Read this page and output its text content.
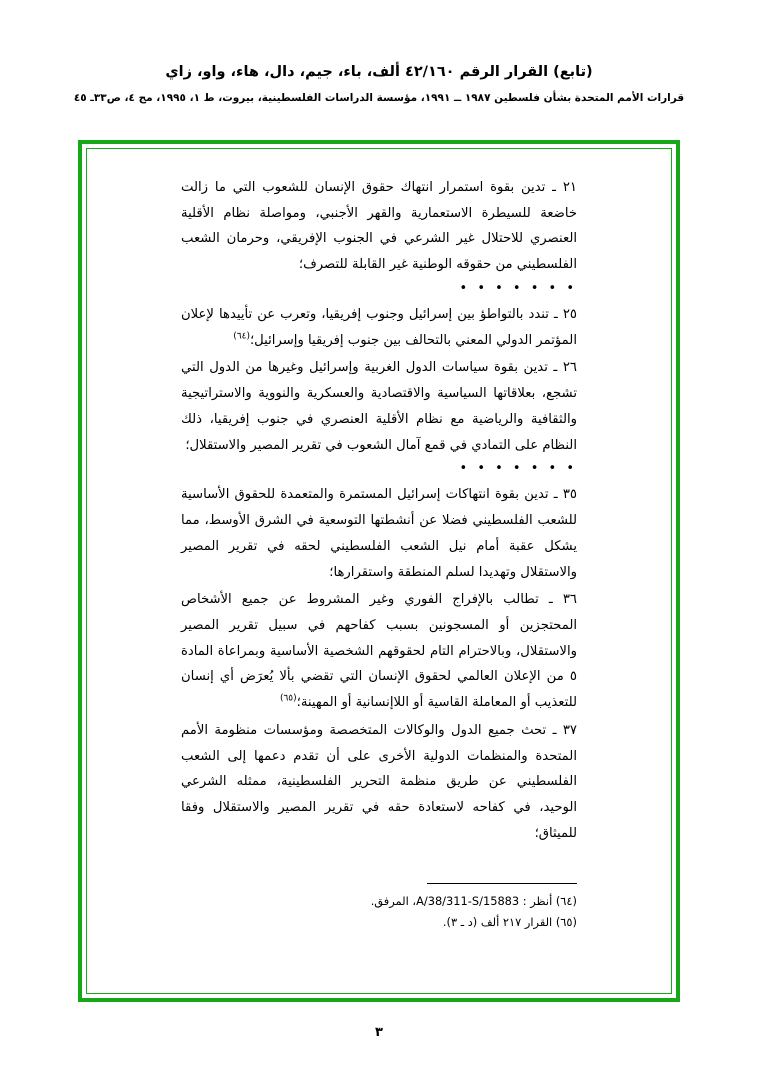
(تابع) القرار الرقم ٤٢/١٦٠ ألف، باء، جيم، دال، هاء، واو، زاي
قرارات الأمم المتحدة بشأن فلسطين ١٩٨٧ ــ ١٩٩١، مؤسسة الدراسات الفلسطينية، بيروت، ط ١، ١٩٩٥، مج ٤، ص٣٣ـ ٤٥

٢١ ـ تدين بقوة استمرار انتهاك حقوق الإنسان للشعوب التي ما زالت خاضعة للسيطرة الاستعمارية والقهر الأجنبي، ومواصلة نظام الأقلية العنصري للاحتلال غير الشرعي في الجنوب الإفريقي، وحرمان الشعب الفلسطيني من حقوقه الوطنية غير القابلة للتصرف؛

• • • • • • •

٢٥ ـ تندد بالتواطؤ بين إسرائيل وجنوب إفريقيا، وتعرب عن تأييدها لإعلان المؤتمر الدولي المعني بالتحالف بين جنوب إفريقيا وإسرائيل؛$^{(٦٤)}$

٢٦ ـ تدين بقوة سياسات الدول الغربية وإسرائيل وغيرها من الدول التي تشجع، بعلاقاتها السياسية والاقتصادية والعسكرية والنووية والاستراتيجية والثقافية والرياضية مع نظام الأقلية العنصري في جنوب إفريقيا، ذلك النظام على التمادي في قمع آمال الشعوب في تقرير المصير والاستقلال؛

• • • • • • •

٣٥ ـ تدين بقوة انتهاكات إسرائيل المستمرة والمتعمدة للحقوق الأساسية للشعب الفلسطيني فضلا عن أنشطتها التوسعية في الشرق الأوسط، مما يشكل عقبة أمام نيل الشعب الفلسطيني لحقه في تقرير المصير والاستقلال وتهديدا لسلم المنطقة واستقرارها؛

٣٦ ـ تطالب بالإفراج الفوري وغير المشروط عن جميع الأشخاص المحتجزين أو المسجونين بسبب كفاحهم في سبيل تقرير المصير والاستقلال، وبالاحترام التام لحقوقهم الشخصية الأساسية وبمراعاة المادة ٥ من الإعلان العالمي لحقوق الإنسان التي تقضي بألا يُعرَض أي إنسان للتعذيب أو المعاملة القاسية أو اللاإنسانية أو المهينة؛$^{(٦٥)}$

٣٧ ـ تحث جميع الدول والوكالات المتخصصة ومؤسسات منظومة الأمم المتحدة والمنظمات الدولية الأخرى على أن تقدم دعمها إلى الشعب الفلسطيني عن طريق منظمة التحرير الفلسطينية، ممثله الشرعي الوحيد، في كفاحه لاستعادة حقه في تقرير المصير والاستقلال وفقا للميثاق؛

(٦٤) أنظر : A/38/311-S/15883، المرفق.
(٦٥) القرار ٢١٧ ألف (د ـ ٣).
٣
